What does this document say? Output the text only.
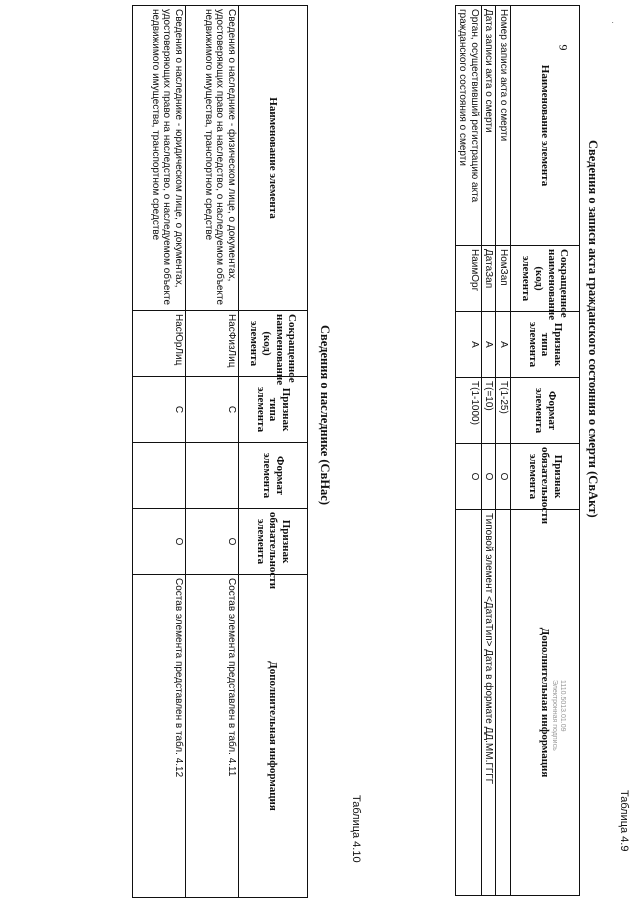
9
·
Таблица 4.9
Сведения о записи акта гражданского состояния о смерти (СвАкт)
Наименование элемента	Сокращенное наименование (код) элемента	Признак типа элемента	Формат элемента	Признак обязательности элемента	Дополнительная информация
Номер записи акта о смерти	НомЗап	А	T(1-25)	О	
Дата записи акта о смерти	ДатаЗап	А	T(=10)	О	Типовой элемент <ДатаТип> Дата в формате ДД.ММ.ГГГГ
Орган, осуществивший регистрацию акта гражданского состояния о смерти	НаимОрг	А	T(1-1000)	О	
Таблица 4.10
Сведения о наследнике (СвНас)
Наименование элемента	Сокращенное наименование (код) элемента	Признак типа элемента	Формат элемента	Признак обязательности элемента	Дополнительная информация
Сведения о наследнике - физическом лице, о документах, удостоверяющих право на наследство, о наследуемом объекте недвижимого имущества, транспортном средстве	НасФизЛиц	С		О	Состав элемента представлен в табл. 4.11
Сведения о наследнике - юридическом лице, о документах, удостоверяющих право на наследство, о наследуемом объекте недвижимого имущества, транспортном средстве	НасЮрЛиц	С		О	Состав элемента представлен в табл. 4.12	1110.5013.01.09
Электронная подпись
